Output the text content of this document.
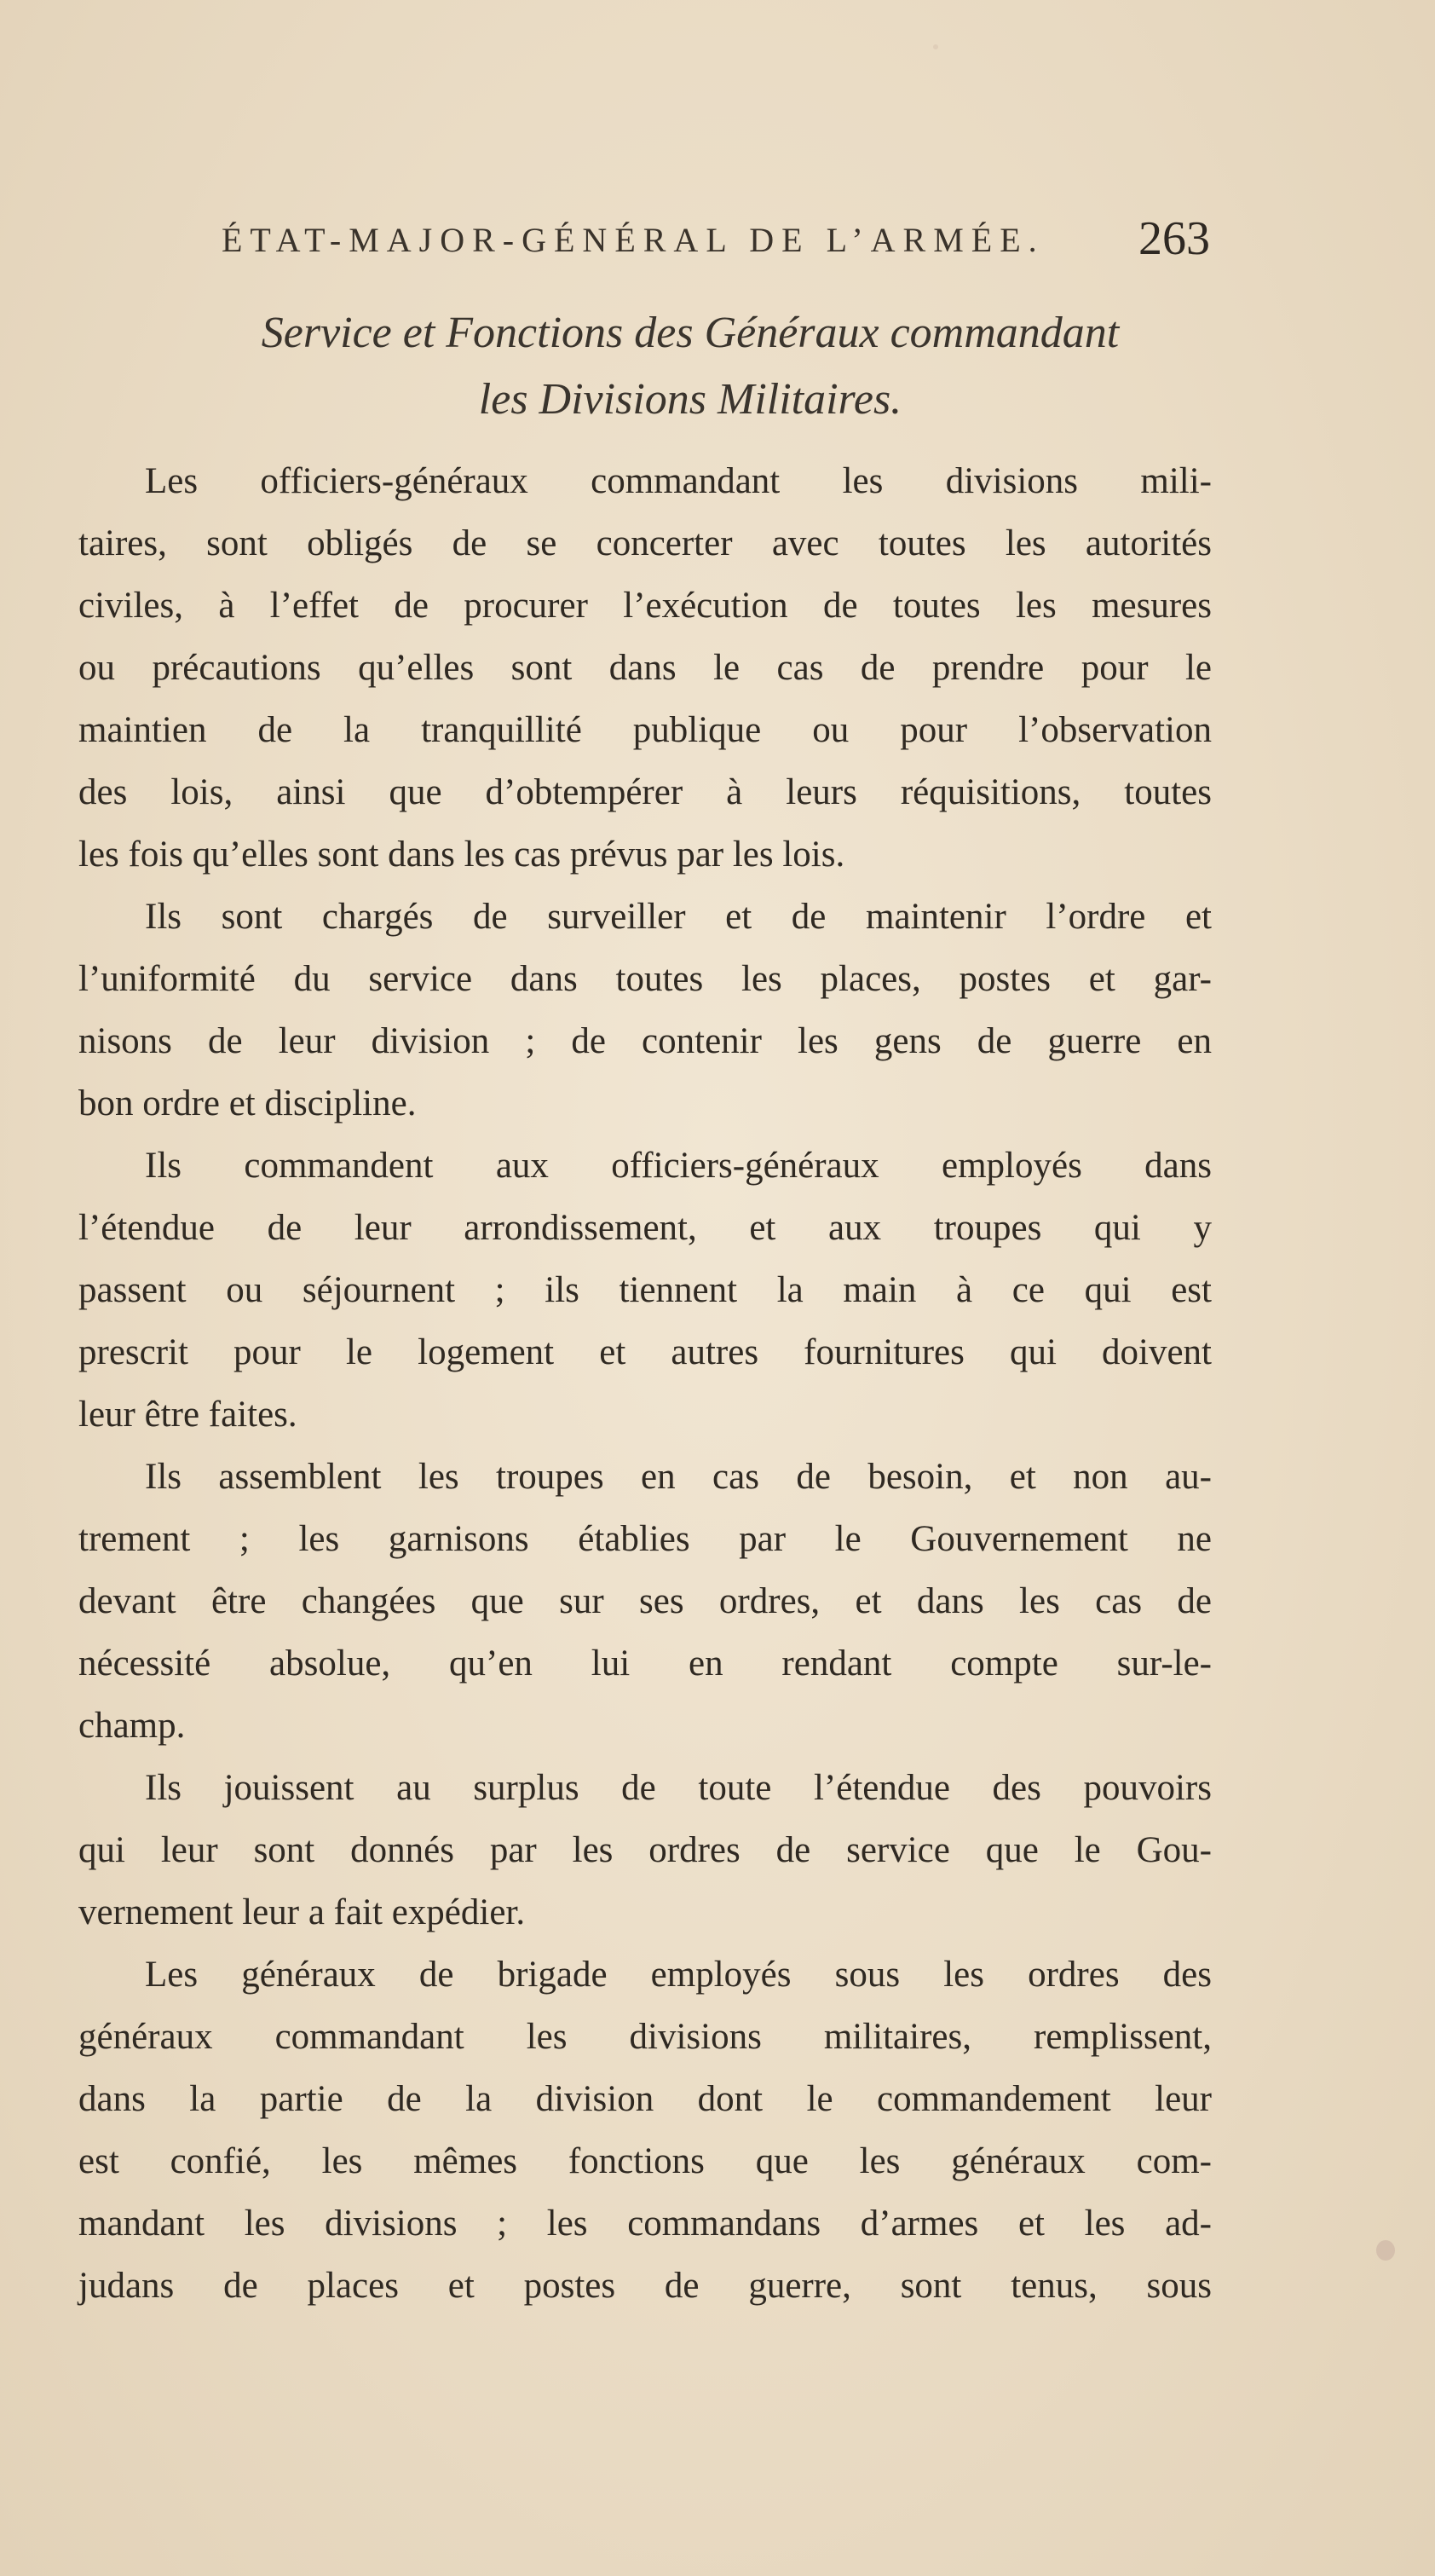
ÉTAT-MAJOR-GÉNÉRAL DE L’ARMÉE. 263
Service et Fonctions des Généraux commandant
les Divisions Militaires.
Les officiers-généraux commandant les divisions mili-
taires, sont obligés de se concerter avec toutes les autorités
civiles, à l’effet de procurer l’exécution de toutes les mesures
ou précautions qu’elles sont dans le cas de prendre pour le
maintien de la tranquillité publique ou pour l’observation
des lois, ainsi que d’obtempérer à leurs réquisitions, toutes
les fois qu’elles sont dans les cas prévus par les lois.
Ils sont chargés de surveiller et de maintenir l’ordre et
l’uniformité du service dans toutes les places, postes et gar-
nisons de leur division ; de contenir les gens de guerre en
bon ordre et discipline.
Ils commandent aux officiers-généraux employés dans
l’étendue de leur arrondissement, et aux troupes qui y
passent ou séjournent ; ils tiennent la main à ce qui est
prescrit pour le logement et autres fournitures qui doivent
leur être faites.
Ils assemblent les troupes en cas de besoin, et non au-
trement ; les garnisons établies par le Gouvernement ne
devant être changées que sur ses ordres, et dans les cas de
nécessité absolue, qu’en lui en rendant compte sur-le-
champ.
Ils jouissent au surplus de toute l’étendue des pouvoirs
qui leur sont donnés par les ordres de service que le Gou-
vernement leur a fait expédier.
Les généraux de brigade employés sous les ordres des
généraux commandant les divisions militaires, remplissent,
dans la partie de la division dont le commandement leur
est confié, les mêmes fonctions que les généraux com-
mandant les divisions ; les commandans d’armes et les ad-
judans de places et postes de guerre, sont tenus, sous
